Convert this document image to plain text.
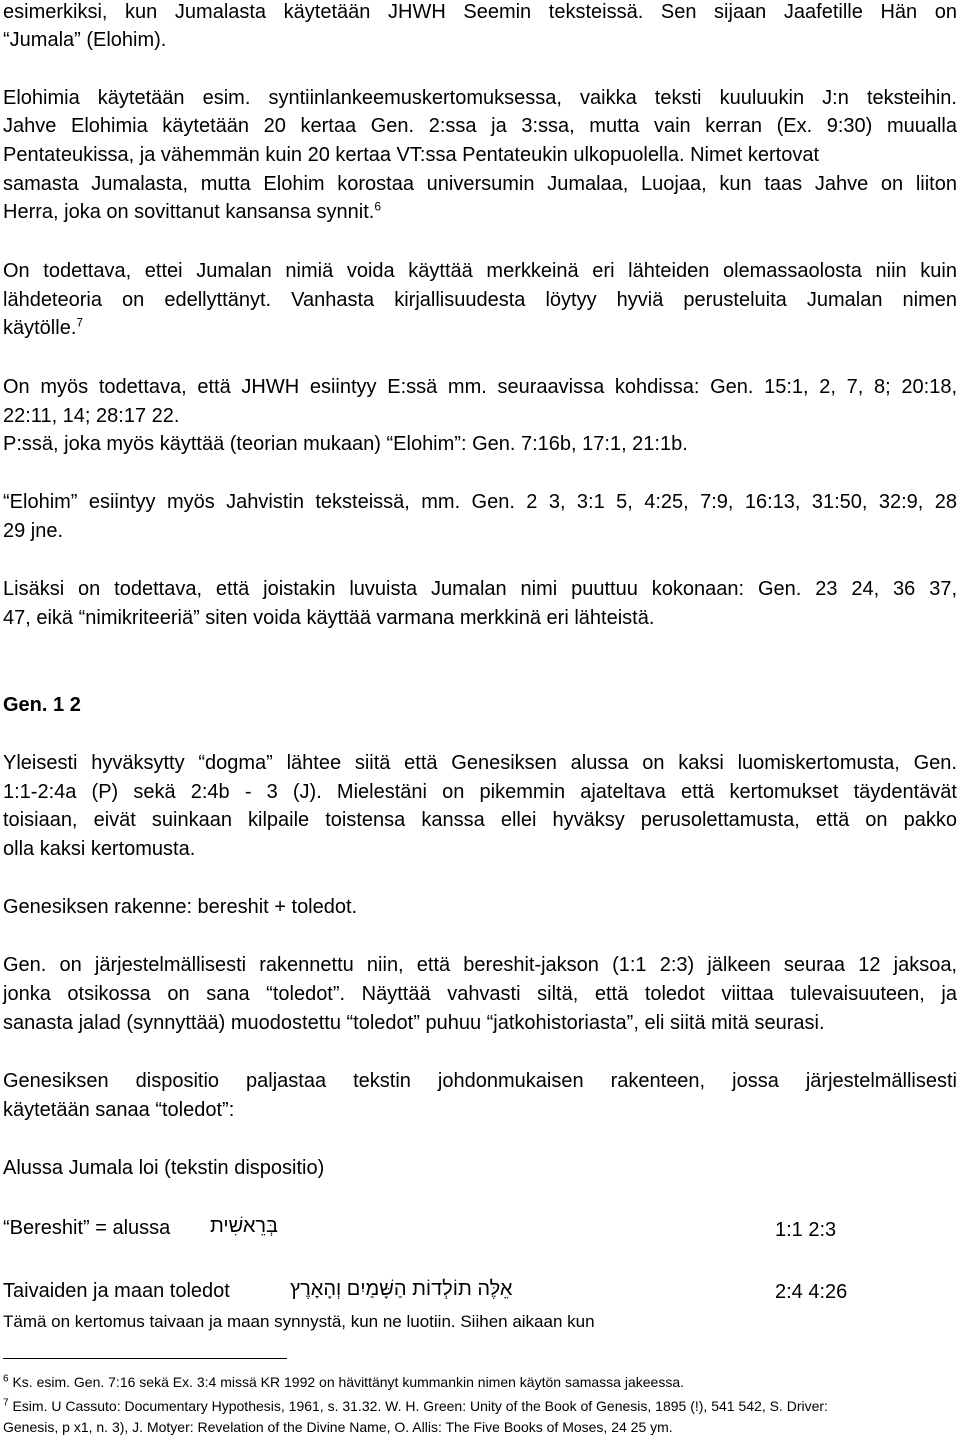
esimerkiksi, kun Jumalasta käytetään JHWH Seemin teksteissä. Sen sijaan Jaafetille Hän on
“Jumala” (Elohim).
Elohimia käytetään esim. syntiinlankeemuskertomuksessa, vaikka teksti kuuluukin J:n teksteihin.
Jahve Elohimia käytetään 20 kertaa Gen. 2:ssa ja 3:ssa, mutta vain kerran (Ex. 9:30) muualla
Pentateukissa, ja vähemmän kuin 20 kertaa VT:ssa Pentateukin ulkopuolella. Nimet kertovat
samasta Jumalasta, mutta Elohim korostaa universumin Jumalaa, Luojaa, kun taas Jahve on liiton
Herra, joka on sovittanut kansansa synnit.$^6$
On todettava, ettei Jumalan nimiä voida käyttää merkkeinä eri lähteiden olemassaolosta niin kuin
lähdeteoria on edellyttänyt. Vanhasta kirjallisuudesta löytyy hyviä perusteluita Jumalan nimen
käytölle.$^7$
On myös todettava, että JHWH esiintyy E:ssä mm. seuraavissa kohdissa: Gen. 15:1, 2, 7, 8; 20:18,
22:11, 14; 28:17 22.
P:ssä, joka myös käyttää (teorian mukaan) “Elohim”: Gen. 7:16b, 17:1, 21:1b.
“Elohim” esiintyy myös Jahvistin teksteissä, mm. Gen. 2 3, 3:1 5, 4:25, 7:9, 16:13, 31:50, 32:9, 28
29 jne.
Lisäksi on todettava, että joistakin luvuista Jumalan nimi puuttuu kokonaan: Gen. 23 24, 36 37,
47, eikä “nimikriteeriä” siten voida käyttää varmana merkkinä eri lähteistä.
Gen. 1 2
Yleisesti hyväksytty “dogma” lähtee siitä että Genesiksen alussa on kaksi luomiskertomusta, Gen.
1:1-2:4a (P) sekä 2:4b - 3 (J). Mielestäni on pikemmin ajateltava että kertomukset täydentävät
toisiaan, eivät suinkaan kilpaile toistensa kanssa ellei hyväksy perusolettamusta, että on pakko
olla kaksi kertomusta.
Genesiksen rakenne: bereshit + toledot.
Gen. on järjestelmällisesti rakennettu niin, että bereshit-jakson (1:1 2:3) jälkeen seuraa 12 jaksoa,
jonka otsikossa on sana “toledot”. Näyttää vahvasti siltä, että toledot viittaa tulevaisuuteen, ja
sanasta jalad (synnyttää) muodostettu “toledot” puhuu “jatkohistoriasta”, eli siitä mitä seurasi.
Genesiksen dispositio paljastaa tekstin johdonmukaisen rakenteen, jossa järjestelmällisesti
käytetään sanaa “toledot”:
Alussa Jumala loi (tekstin dispositio)
“Bereshit” = alussa בְּרֵאשִׁית	1:1 2:3
Taivaiden ja maan toledot	אֵלֶּה תוֹלְדוֹת הַשָּׁמַיִם וְהָאָרֶץ	2:4 4:26
Tämä on kertomus taivaan ja maan synnystä, kun ne luotiin. Siihen aikaan kun
$^6$ Ks. esim. Gen. 7:16 sekä Ex. 3:4 missä KR 1992 on hävittänyt kummankin nimen käytön samassa jakeessa.
$^7$ Esim. U Cassuto: Documentary Hypothesis, 1961, s. 31.32. W. H. Green: Unity of the Book of Genesis, 1895 (!), 541 542, S. Driver:
Genesis, p x1, n. 3), J. Motyer: Revelation of the Divine Name, O. Allis: The Five Books of Moses, 24 25 ym.
